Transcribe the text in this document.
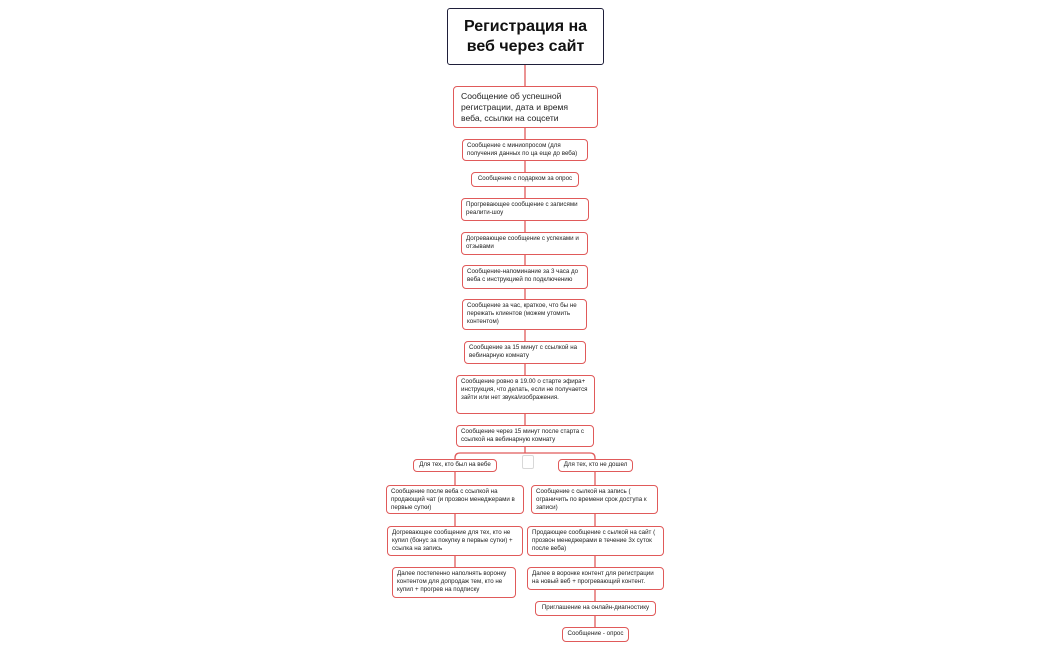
Регистрация на веб через сайт
Сообщение об успешной регистрации, дата и время веба, ссылки на соцсети
Сообщение с миниопросом (для получения данных по ца еще до веба)
Сообщение с подарком за опрос
Прогревающее сообщение с записями реалити-шоу
Догревающее сообщение с успехами и отзывами
Сообщение-напоминание за 3 часа до веба с инструкцией по подключению
Сообщение за час, краткое, что бы не пережать клиентов (можем утомить контентом)
Сообщение за 15 минут с ссылкой на вебинарную комнату
Сообщение ровно в 19.00 о старте эфира+ инструкция, что делать, если не получается зайти или нет звука/изображения.
Сообщение через 15 минут после старта с ссылкой на вебинарную комнату
Для тех, кто был на вебе
Сообщение после веба с ссылкой на продающий чат (и прозвон менеджерами в первые сутки)
Догревающее сообщение для тех, кто не купил (бонус за покупку в первые сутки) + ссылка на запись
Далее постепенно наполнять воронку контентом для допродаж тем, кто не купил + прогрев на подписку
Для тех, кто не дошел
Сообщение с сылкой на запись ( ограничить по времени срок доступа к записи)
Продающее сообщение с сылкой на сайт ( прозвон менеджерами в течение 3х суток после веба)
Далее в воронке контент для регистрации на новый веб + прогревающий контент.
Приглашение на онлайн-диагностику
Сообщение - опрос
